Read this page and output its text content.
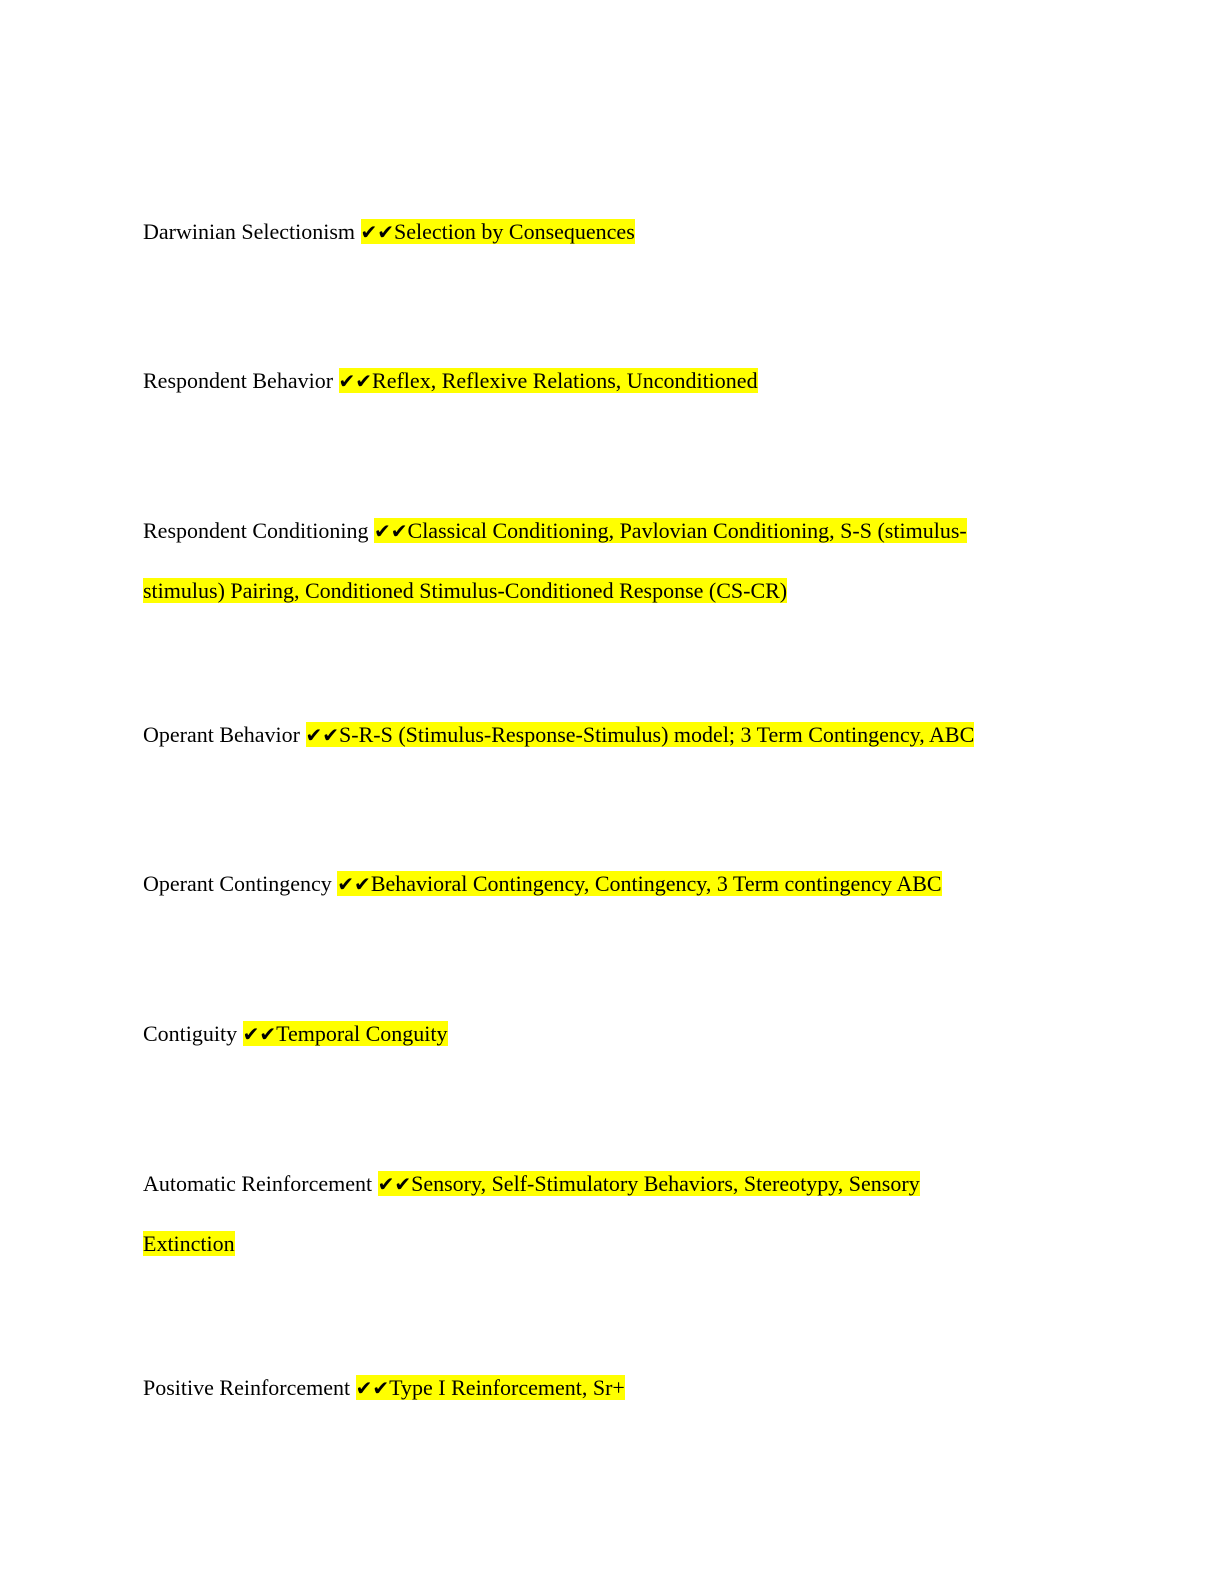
Darwinian Selectionism ✔✔Selection by Consequences

Respondent Behavior ✔✔Reflex, Reflexive Relations, Unconditioned

Respondent Conditioning ✔✔Classical Conditioning, Pavlovian Conditioning, S-S (stimulus-stimulus) Pairing, Conditioned Stimulus-Conditioned Response (CS-CR)

Operant Behavior ✔✔S-R-S (Stimulus-Response-Stimulus) model; 3 Term Contingency, ABC

Operant Contingency ✔✔Behavioral Contingency, Contingency, 3 Term contingency ABC

Contiguity ✔✔Temporal Conguity

Automatic Reinforcement ✔✔Sensory, Self-Stimulatory Behaviors, Stereotypy, Sensory Extinction

Positive Reinforcement ✔✔Type I Reinforcement, Sr+
